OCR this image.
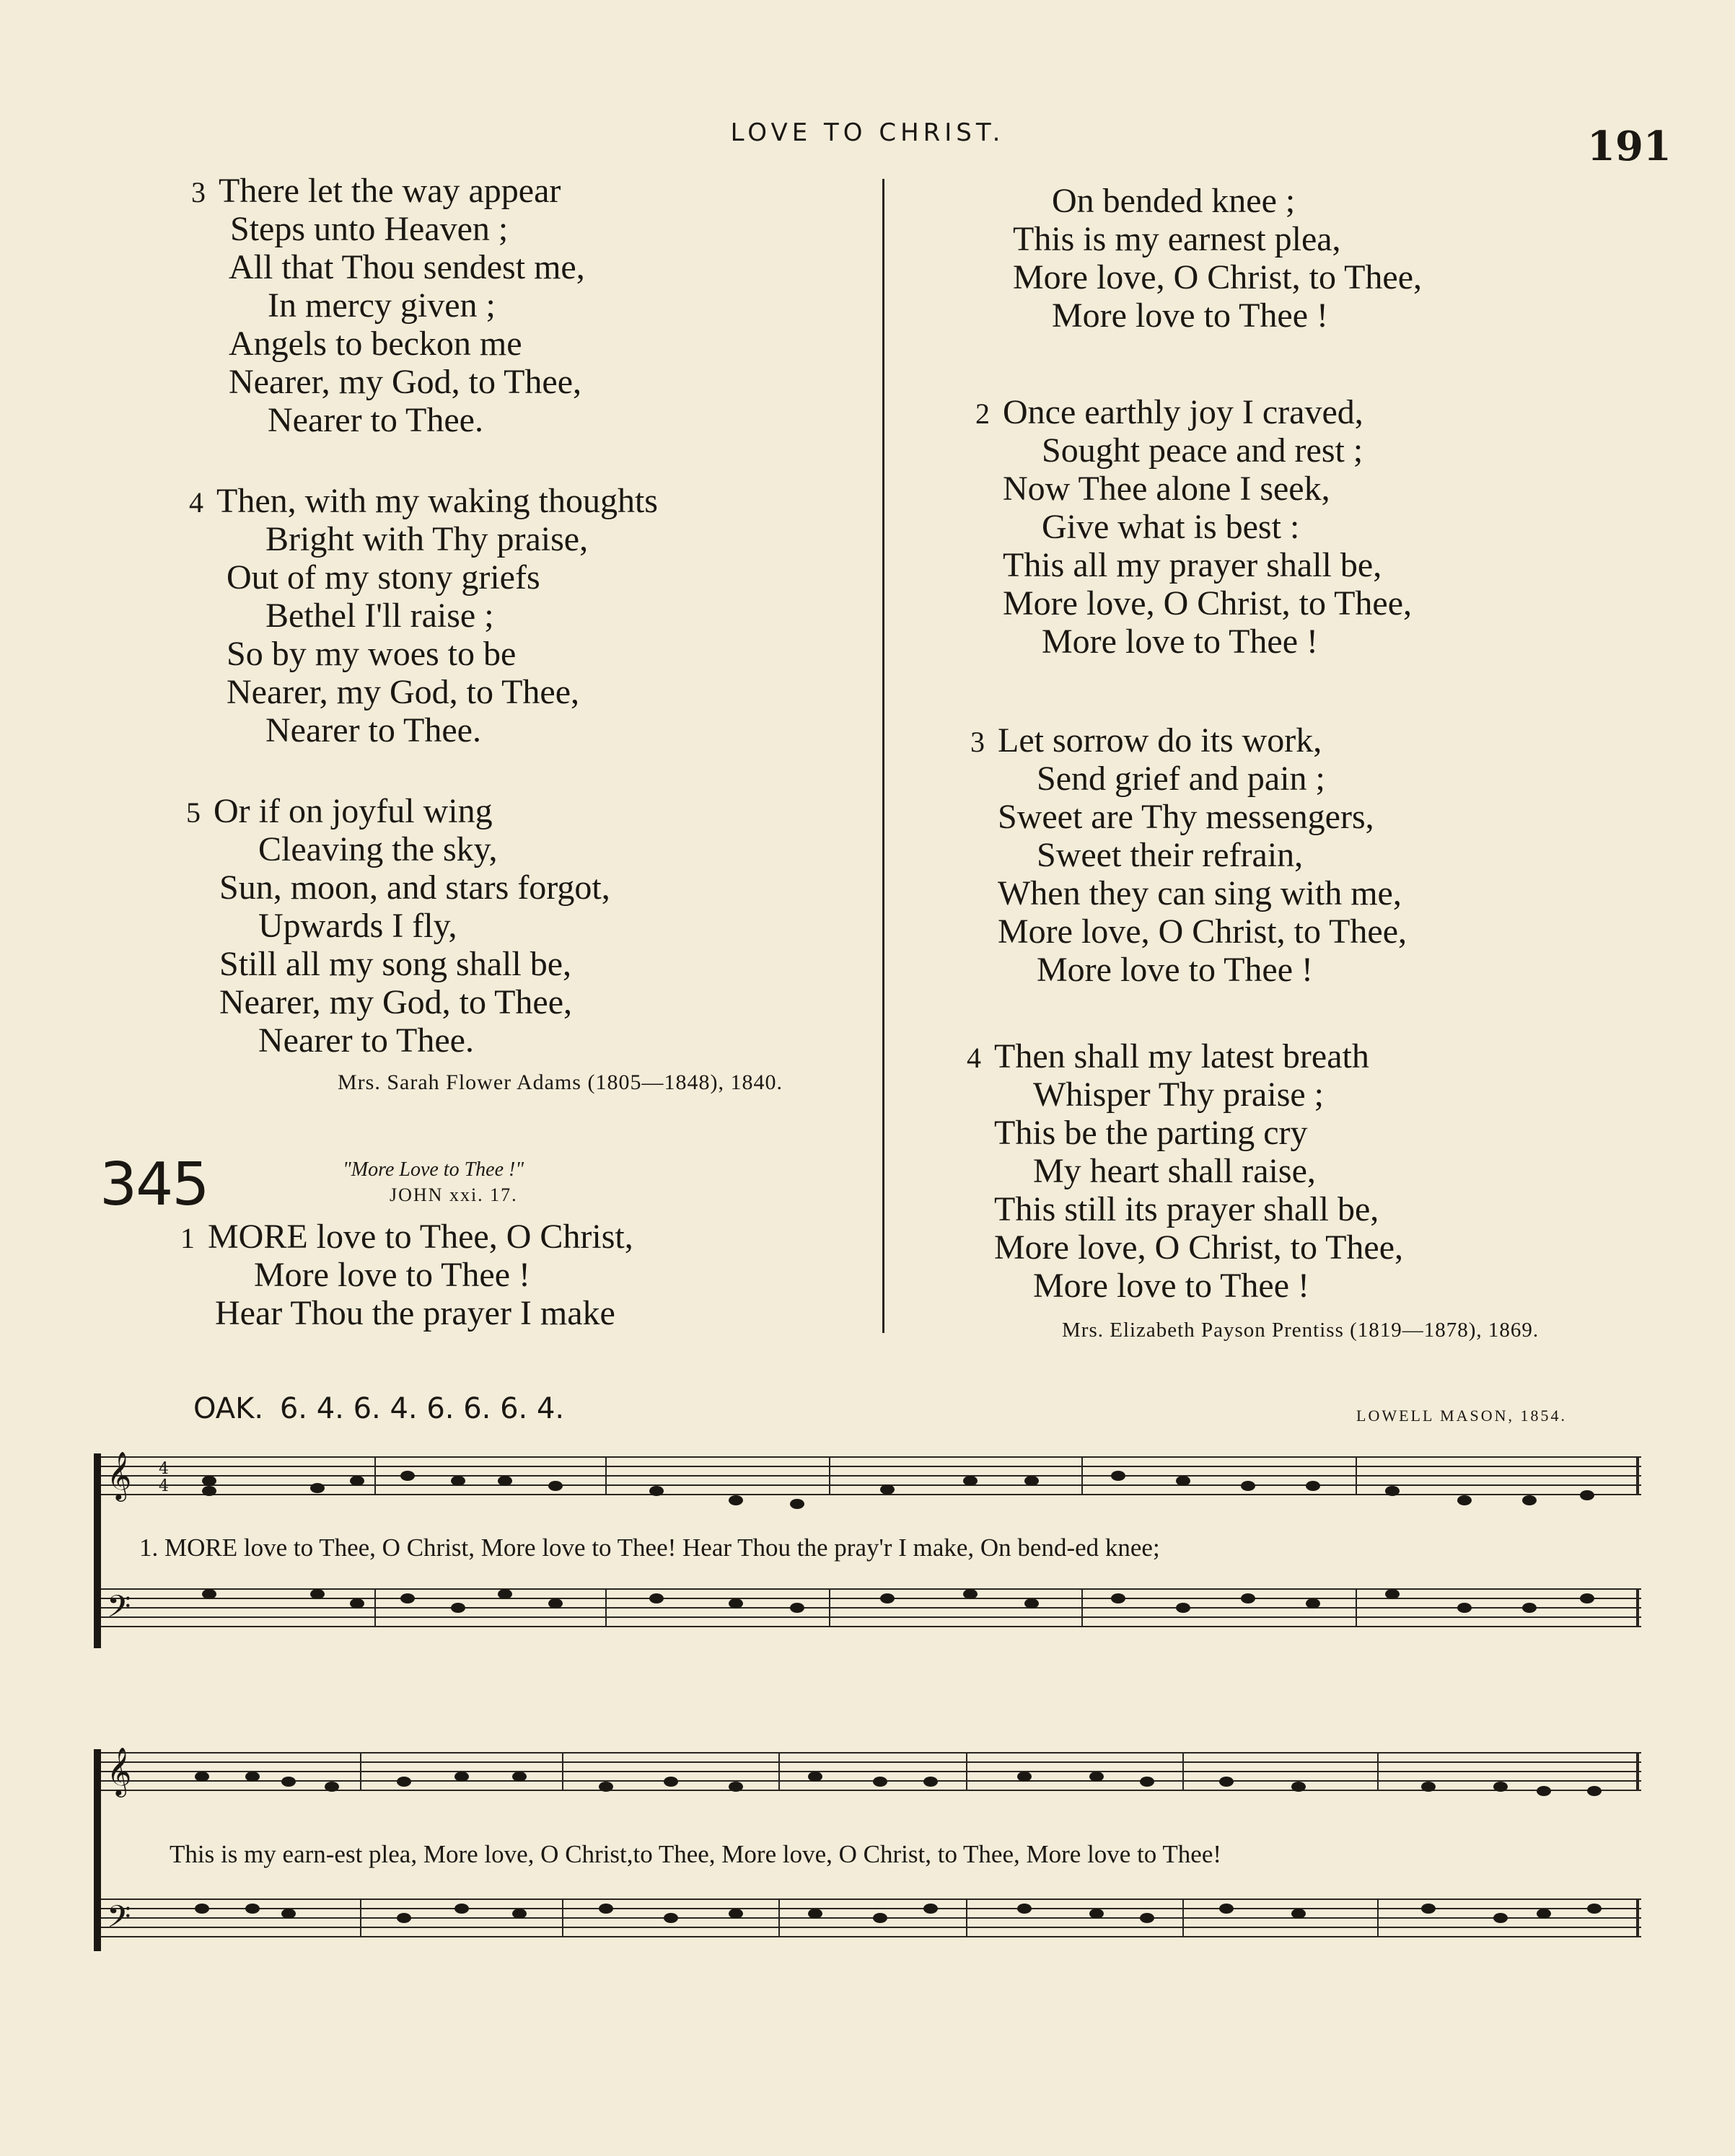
LOVE TO CHRIST.	191
3 There let the way appear
Steps unto Heaven ;
All that Thou sendest me,
In mercy given ;
Angels to beckon me
Nearer, my God, to Thee,
Nearer to Thee.
4 Then, with my waking thoughts
Bright with Thy praise,
Out of my stony griefs
Bethel I'll raise ;
So by my woes to be
Nearer, my God, to Thee,
Nearer to Thee.
5 Or if on joyful wing
Cleaving the sky,
Sun, moon, and stars forgot,
Upwards I fly,
Still all my song shall be,
Nearer, my God, to Thee,
Nearer to Thee.
Mrs. Sarah Flower Adams (1805—1848), 1840.
345	"More Love to Thee !"
JOHN xxi. 17.
1 MORE love to Thee, O Christ,
More love to Thee !
Hear Thou the prayer I make
On bended knee ;
This is my earnest plea,
More love, O Christ, to Thee,
More love to Thee !
2 Once earthly joy I craved,
Sought peace and rest ;
Now Thee alone I seek,
Give what is best :
This all my prayer shall be,
More love, O Christ, to Thee,
More love to Thee !
3 Let sorrow do its work,
Send grief and pain ;
Sweet are Thy messengers,
Sweet their refrain,
When they can sing with me,
More love, O Christ, to Thee,
More love to Thee !
4 Then shall my latest breath
Whisper Thy praise ;
This be the parting cry
My heart shall raise,
This still its prayer shall be,
More love, O Christ, to Thee,
More love to Thee !
Mrs. Elizabeth Payson Prentiss (1819—1878), 1869.
OAK. 6. 4. 6. 4. 6. 6. 6. 4.	LOWELL MASON, 1854.
𝄞
𝄢
4
4
1. MORE love to Thee, O Christ, More love to Thee! Hear Thou the pray'r I make, On bend-ed knee;
𝄞
𝄢
This is my earn-est plea, More love, O Christ,to Thee, More love, O Christ, to Thee, More love to Thee!
